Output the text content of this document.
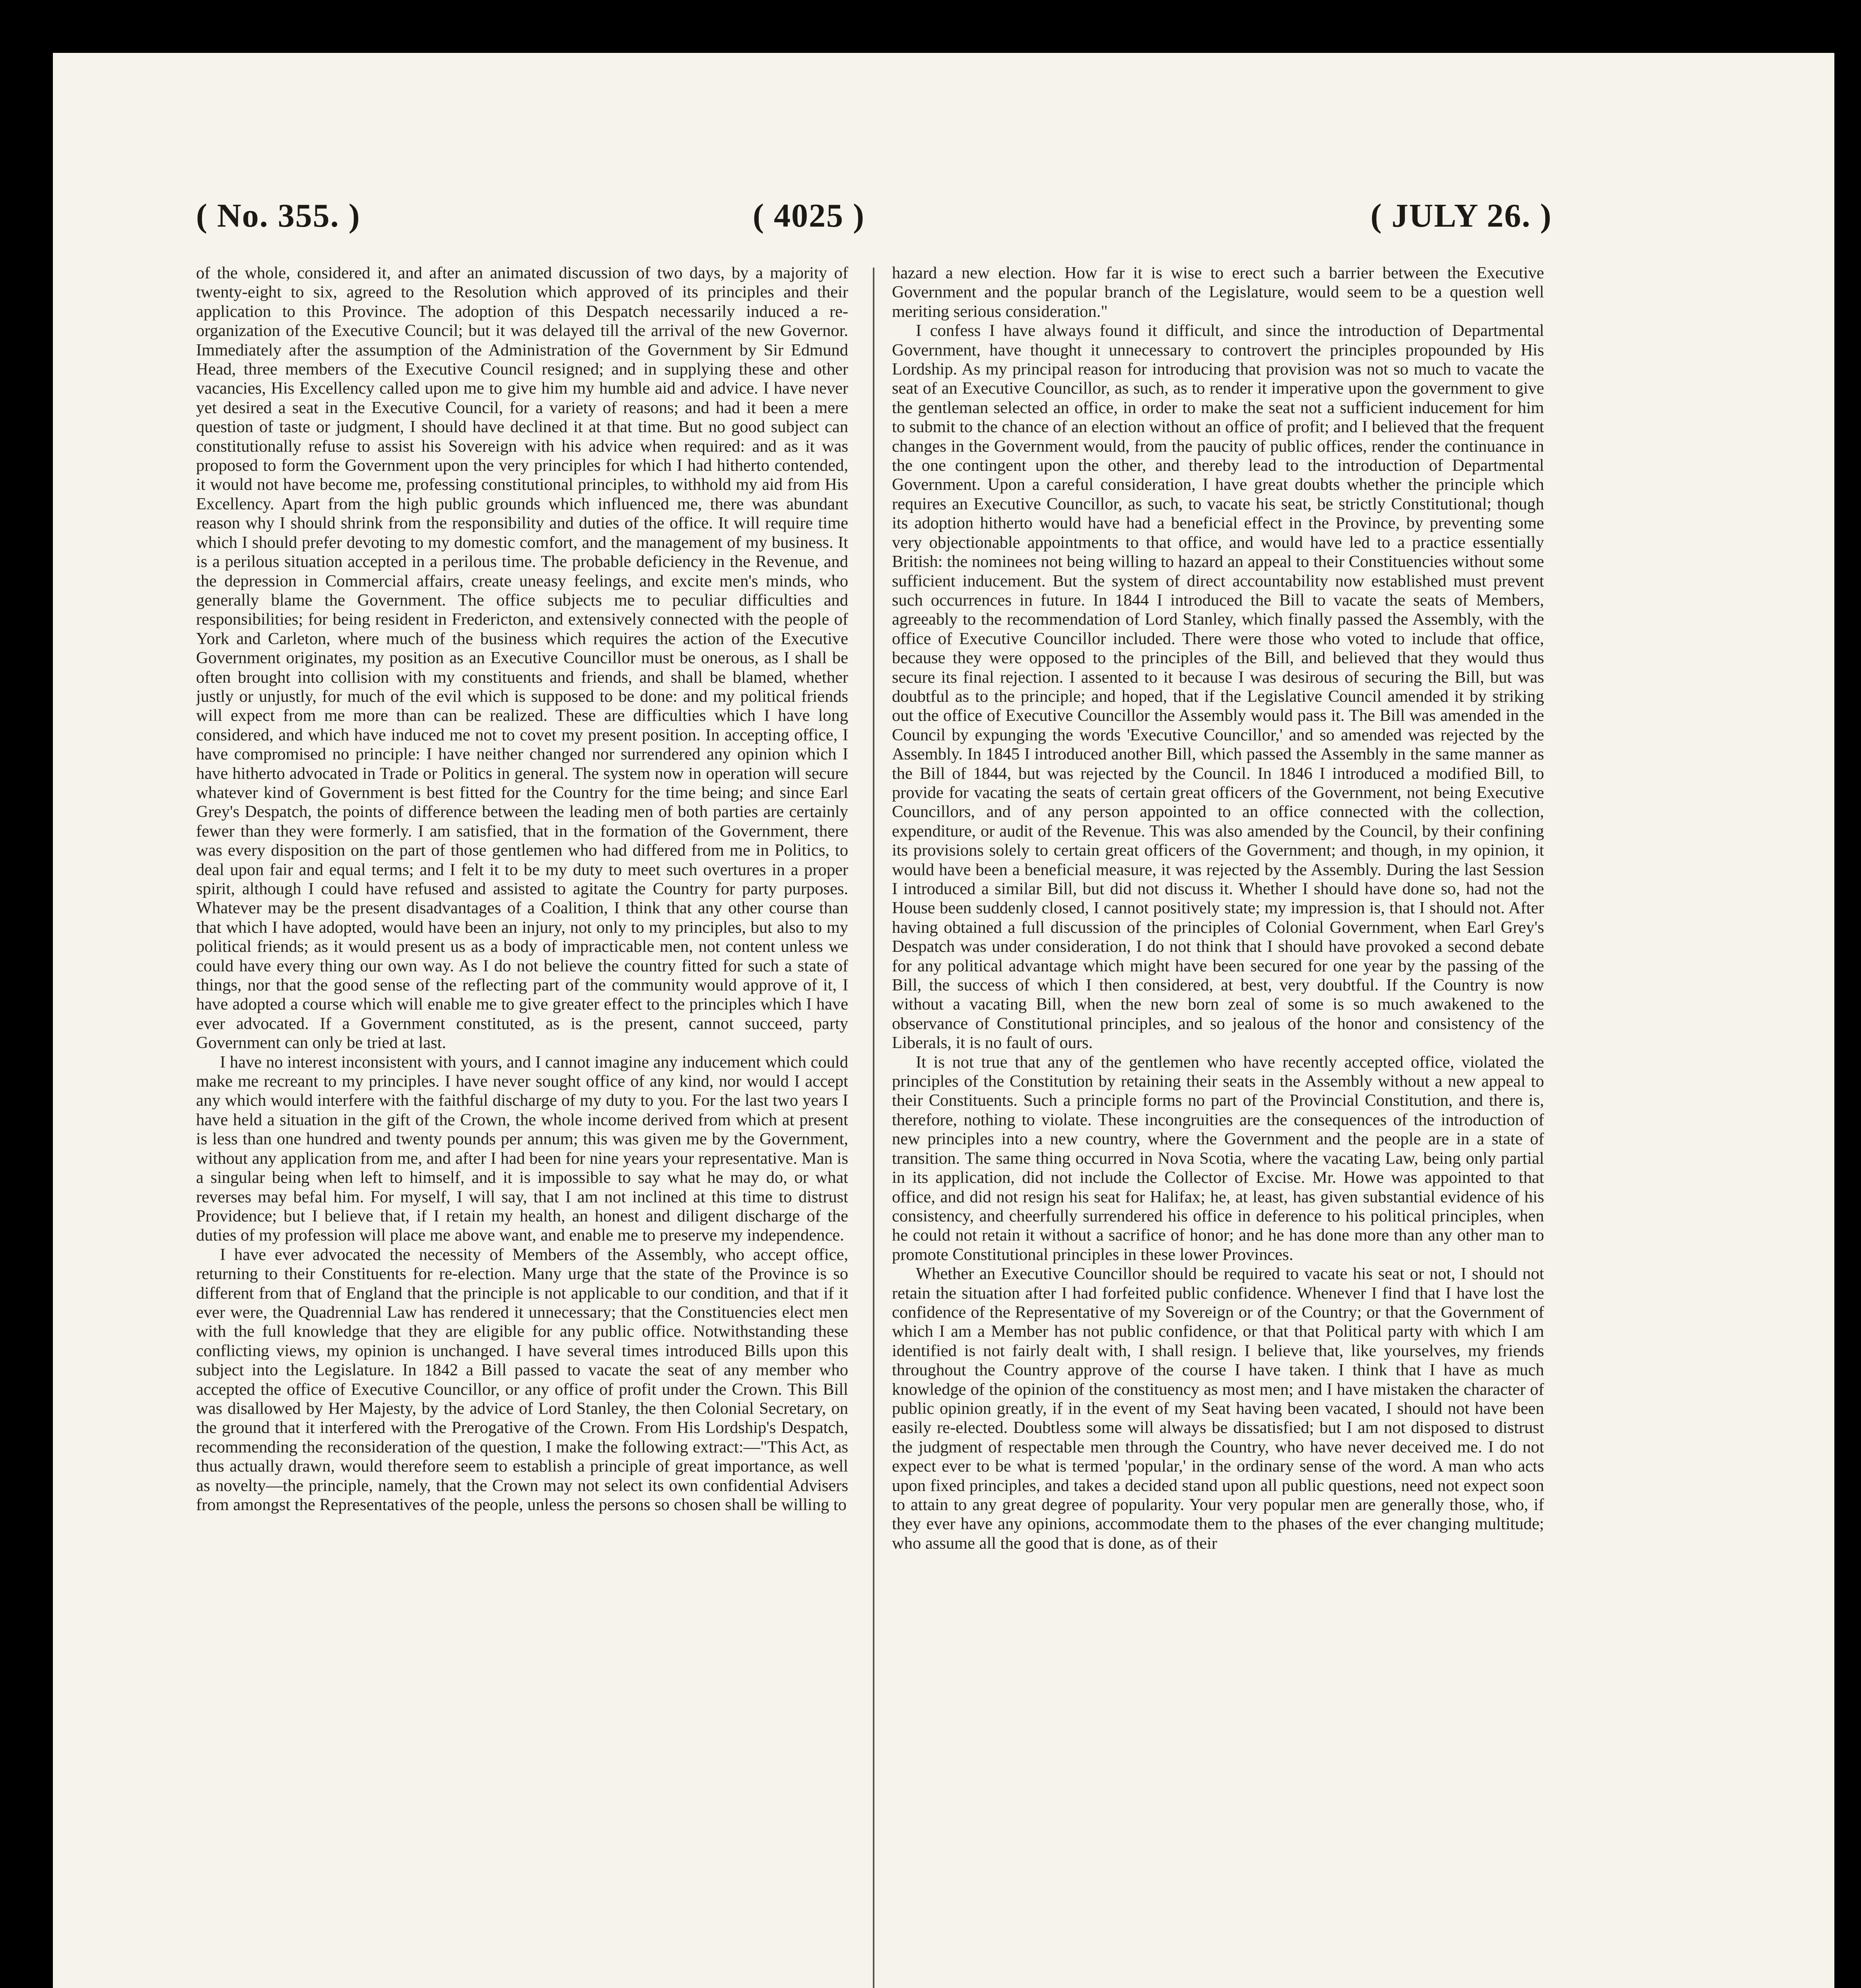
( No. 355. )	( 4025 )	( JULY 26. )

of the whole, considered it, and after an animated discussion of two days, by a majority of twenty-eight to six, agreed to the Resolution which approved of its principles and their application to this Province. The adoption of this Despatch necessarily induced a re-organization of the Executive Council; but it was delayed till the arrival of the new Governor. Immediately after the assumption of the Administration of the Government by Sir Edmund Head, three members of the Executive Council resigned; and in supplying these and other vacancies, His Excellency called upon me to give him my humble aid and advice. I have never yet desired a seat in the Executive Council, for a variety of reasons; and had it been a mere question of taste or judgment, I should have declined it at that time. But no good subject can constitutionally refuse to assist his Sovereign with his advice when required: and as it was proposed to form the Government upon the very principles for which I had hitherto contended, it would not have become me, professing constitutional principles, to withhold my aid from His Excellency. Apart from the high public grounds which influenced me, there was abundant reason why I should shrink from the responsibility and duties of the office. It will require time which I should prefer devoting to my domestic comfort, and the management of my business. It is a perilous situation accepted in a perilous time. The probable deficiency in the Revenue, and the depression in Commercial affairs, create uneasy feelings, and excite men's minds, who generally blame the Government. The office subjects me to peculiar difficulties and responsibilities; for being resident in Fredericton, and extensively connected with the people of York and Carleton, where much of the business which requires the action of the Executive Government originates, my position as an Executive Councillor must be onerous, as I shall be often brought into collision with my constituents and friends, and shall be blamed, whether justly or unjustly, for much of the evil which is supposed to be done: and my political friends will expect from me more than can be realized. These are difficulties which I have long considered, and which have induced me not to covet my present position. In accepting office, I have compromised no principle: I have neither changed nor surrendered any opinion which I have hitherto advocated in Trade or Politics in general. The system now in operation will secure whatever kind of Government is best fitted for the Country for the time being; and since Earl Grey's Despatch, the points of difference between the leading men of both parties are certainly fewer than they were formerly. I am satisfied, that in the formation of the Government, there was every disposition on the part of those gentlemen who had differed from me in Politics, to deal upon fair and equal terms; and I felt it to be my duty to meet such overtures in a proper spirit, although I could have refused and assisted to agitate the Country for party purposes. Whatever may be the present disadvantages of a Coalition, I think that any other course than that which I have adopted, would have been an injury, not only to my principles, but also to my political friends; as it would present us as a body of impracticable men, not content unless we could have every thing our own way. As I do not believe the country fitted for such a state of things, nor that the good sense of the reflecting part of the community would approve of it, I have adopted a course which will enable me to give greater effect to the principles which I have ever advocated. If a Government constituted, as is the present, cannot succeed, party Government can only be tried at last.

I have no interest inconsistent with yours, and I cannot imagine any inducement which could make me recreant to my principles. I have never sought office of any kind, nor would I accept any which would interfere with the faithful discharge of my duty to you. For the last two years I have held a situation in the gift of the Crown, the whole income derived from which at present is less than one hundred and twenty pounds per annum; this was given me by the Government, without any application from me, and after I had been for nine years your representative. Man is a singular being when left to himself, and it is impossible to say what he may do, or what reverses may befal him. For myself, I will say, that I am not inclined at this time to distrust Providence; but I believe that, if I retain my health, an honest and diligent discharge of the duties of my profession will place me above want, and enable me to preserve my independence.

I have ever advocated the necessity of Members of the Assembly, who accept office, returning to their Constituents for re-election. Many urge that the state of the Province is so different from that of England that the principle is not applicable to our condition, and that if it ever were, the Quadrennial Law has rendered it unnecessary; that the Constituencies elect men with the full knowledge that they are eligible for any public office. Notwithstanding these conflicting views, my opinion is unchanged. I have several times introduced Bills upon this subject into the Legislature. In 1842 a Bill passed to vacate the seat of any member who accepted the office of Executive Councillor, or any office of profit under the Crown. This Bill was disallowed by Her Majesty, by the advice of Lord Stanley, the then Colonial Secretary, on the ground that it interfered with the Prerogative of the Crown. From His Lordship's Despatch, recommending the reconsideration of the question, I make the following extract:—"This Act, as thus actually drawn, would therefore seem to establish a principle of great importance, as well as novelty—the principle, namely, that the Crown may not select its own confidential Advisers from amongst the Representatives of the people, unless the persons so chosen shall be willing to

hazard a new election. How far it is wise to erect such a barrier between the Executive Government and the popular branch of the Legislature, would seem to be a question well meriting serious consideration."

I confess I have always found it difficult, and since the introduction of Departmental Government, have thought it unnecessary to controvert the principles propounded by His Lordship. As my principal reason for introducing that provision was not so much to vacate the seat of an Executive Councillor, as such, as to render it imperative upon the government to give the gentleman selected an office, in order to make the seat not a sufficient inducement for him to submit to the chance of an election without an office of profit; and I believed that the frequent changes in the Government would, from the paucity of public offices, render the continuance in the one contingent upon the other, and thereby lead to the introduction of Departmental Government. Upon a careful consideration, I have great doubts whether the principle which requires an Executive Councillor, as such, to vacate his seat, be strictly Constitutional; though its adoption hitherto would have had a beneficial effect in the Province, by preventing some very objectionable appointments to that office, and would have led to a practice essentially British: the nominees not being willing to hazard an appeal to their Constituencies without some sufficient inducement. But the system of direct accountability now established must prevent such occurrences in future. In 1844 I introduced the Bill to vacate the seats of Members, agreeably to the recommendation of Lord Stanley, which finally passed the Assembly, with the office of Executive Councillor included. There were those who voted to include that office, because they were opposed to the principles of the Bill, and believed that they would thus secure its final rejection. I assented to it because I was desirous of securing the Bill, but was doubtful as to the principle; and hoped, that if the Legislative Council amended it by striking out the office of Executive Councillor the Assembly would pass it. The Bill was amended in the Council by expunging the words 'Executive Councillor,' and so amended was rejected by the Assembly. In 1845 I introduced another Bill, which passed the Assembly in the same manner as the Bill of 1844, but was rejected by the Council. In 1846 I introduced a modified Bill, to provide for vacating the seats of certain great officers of the Government, not being Executive Councillors, and of any person appointed to an office connected with the collection, expenditure, or audit of the Revenue. This was also amended by the Council, by their confining its provisions solely to certain great officers of the Government; and though, in my opinion, it would have been a beneficial measure, it was rejected by the Assembly. During the last Session I introduced a similar Bill, but did not discuss it. Whether I should have done so, had not the House been suddenly closed, I cannot positively state; my impression is, that I should not. After having obtained a full discussion of the principles of Colonial Government, when Earl Grey's Despatch was under consideration, I do not think that I should have provoked a second debate for any political advantage which might have been secured for one year by the passing of the Bill, the success of which I then considered, at best, very doubtful. If the Country is now without a vacating Bill, when the new born zeal of some is so much awakened to the observance of Constitutional principles, and so jealous of the honor and consistency of the Liberals, it is no fault of ours.

It is not true that any of the gentlemen who have recently accepted office, violated the principles of the Constitution by retaining their seats in the Assembly without a new appeal to their Constituents. Such a principle forms no part of the Provincial Constitution, and there is, therefore, nothing to violate. These incongruities are the consequences of the introduction of new principles into a new country, where the Government and the people are in a state of transition. The same thing occurred in Nova Scotia, where the vacating Law, being only partial in its application, did not include the Collector of Excise. Mr. Howe was appointed to that office, and did not resign his seat for Halifax; he, at least, has given substantial evidence of his consistency, and cheerfully surrendered his office in deference to his political principles, when he could not retain it without a sacrifice of honor; and he has done more than any other man to promote Constitutional principles in these lower Provinces.

Whether an Executive Councillor should be required to vacate his seat or not, I should not retain the situation after I had forfeited public confidence. Whenever I find that I have lost the confidence of the Representative of my Sovereign or of the Country; or that the Government of which I am a Member has not public confidence, or that that Political party with which I am identified is not fairly dealt with, I shall resign. I believe that, like yourselves, my friends throughout the Country approve of the course I have taken. I think that I have as much knowledge of the opinion of the constituency as most men; and I have mistaken the character of public opinion greatly, if in the event of my Seat having been vacated, I should not have been easily re-elected. Doubtless some will always be dissatisfied; but I am not disposed to distrust the judgment of respectable men through the Country, who have never deceived me. I do not expect ever to be what is termed 'popular,' in the ordinary sense of the word. A man who acts upon fixed principles, and takes a decided stand upon all public questions, need not expect soon to attain to any great degree of popularity. Your very popular men are generally those, who, if they ever have any opinions, accommodate them to the phases of the ever changing multitude; who assume all the good that is done, as of their
